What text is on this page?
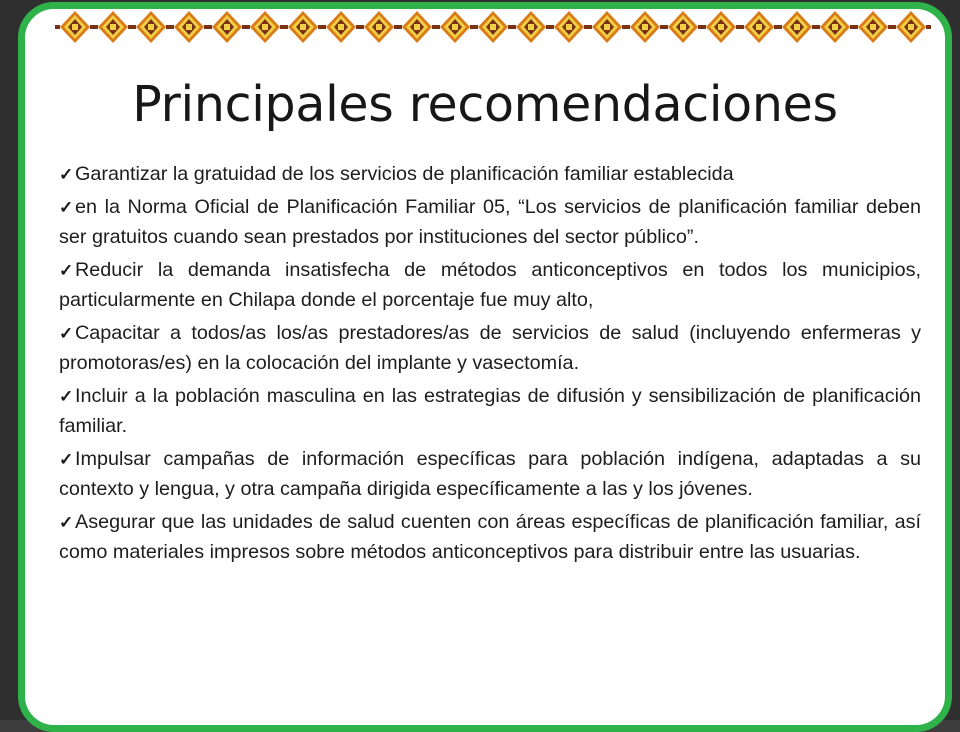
Principales recomendaciones
✓Garantizar la gratuidad de los servicios de planificación familiar establecida
✓en la Norma Oficial de Planificación Familiar 05, “Los servicios de planificación familiar deben ser gratuitos cuando sean prestados por instituciones del sector público”.
✓Reducir la demanda insatisfecha de métodos anticonceptivos en todos los municipios, particularmente en Chilapa donde el porcentaje fue muy alto,
✓Capacitar a todos/as los/as prestadores/as de servicios de salud (incluyendo enfermeras y promotoras/es) en la colocación del implante y vasectomía.
✓Incluir a la población masculina en las estrategias de difusión y sensibilización de planificación familiar.
✓Impulsar campañas de información específicas para población indígena, adaptadas a su contexto y lengua, y otra campaña dirigida específicamente a las y los jóvenes.
✓Asegurar que las unidades de salud cuenten con áreas específicas de planificación familiar, así como materiales impresos sobre métodos anticonceptivos para distribuir entre las usuarias.
